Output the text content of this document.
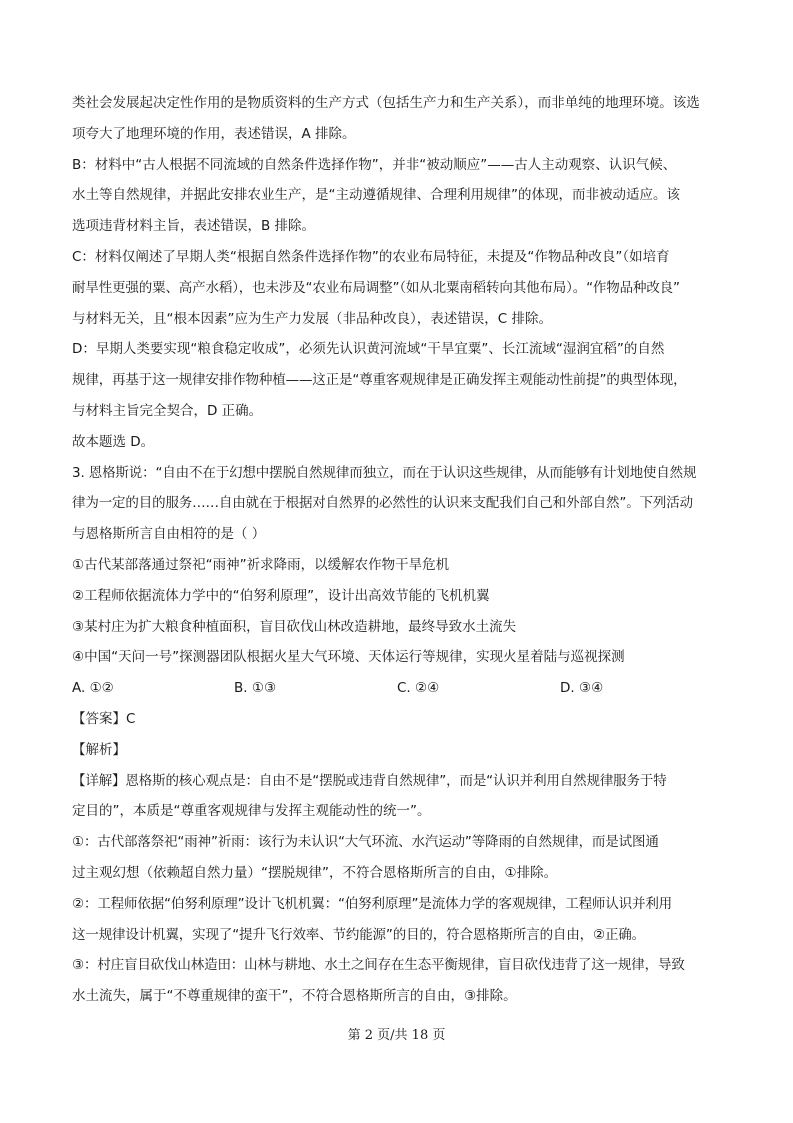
类社会发展起决定性作用的是物质资料的生产方式（包括生产力和生产关系），而非单纯的地理环境。该选
项夸大了地理环境的作用，表述错误，A 排除。
B：材料中“古人根据不同流域的自然条件选择作物”，并非“被动顺应”——古人主动观察、认识气候、
水土等自然规律，并据此安排农业生产，是“主动遵循规律、合理利用规律”的体现，而非被动适应。该
选项违背材料主旨，表述错误，B 排除。
C：材料仅阐述了早期人类“根据自然条件选择作物”的农业布局特征，未提及“作物品种改良”（如培育
耐旱性更强的粟、高产水稻），也未涉及“农业布局调整”（如从北粟南稻转向其他布局）。“作物品种改良”
与材料无关，且“根本因素”应为生产力发展（非品种改良），表述错误，C 排除。
D：早期人类要实现“粮食稳定收成”，必须先认识黄河流域“干旱宜粟”、长江流域“湿润宜稻”的自然
规律，再基于这一规律安排作物种植——这正是“尊重客观规律是正确发挥主观能动性前提”的典型体现，
与材料主旨完全契合，D 正确。
故本题选 D。
3. 恩格斯说：“自由不在于幻想中摆脱自然规律而独立，而在于认识这些规律，从而能够有计划地使自然规
律为一定的目的服务……自由就在于根据对自然界的必然性的认识来支配我们自己和外部自然”。下列活动
与恩格斯所言自由相符的是（ ）
①古代某部落通过祭祀“雨神”祈求降雨，以缓解农作物干旱危机
②工程师依据流体力学中的“伯努利原理”，设计出高效节能的飞机机翼
③某村庄为扩大粮食种植面积，盲目砍伐山林改造耕地，最终导致水土流失
④中国“天问一号”探测器团队根据火星大气环境、天体运行等规律，实现火星着陆与巡视探测
A. ①②	B. ①③	C. ②④	D. ③④
【答案】C
【解析】
【详解】恩格斯的核心观点是：自由不是“摆脱或违背自然规律”，而是“认识并利用自然规律服务于特
定目的”，本质是“尊重客观规律与发挥主观能动性的统一”。
①：古代部落祭祀“雨神”祈雨：该行为未认识“大气环流、水汽运动”等降雨的自然规律，而是试图通
过主观幻想（依赖超自然力量）“摆脱规律”，不符合恩格斯所言的自由，①排除。
②：工程师依据“伯努利原理”设计飞机机翼：“伯努利原理”是流体力学的客观规律，工程师认识并利用
这一规律设计机翼，实现了“提升飞行效率、节约能源”的目的，符合恩格斯所言的自由，②正确。
③：村庄盲目砍伐山林造田：山林与耕地、水土之间存在生态平衡规律，盲目砍伐违背了这一规律，导致
水土流失，属于“不尊重规律的蛮干”，不符合恩格斯所言的自由，③排除。
第 2 页/共 18 页
